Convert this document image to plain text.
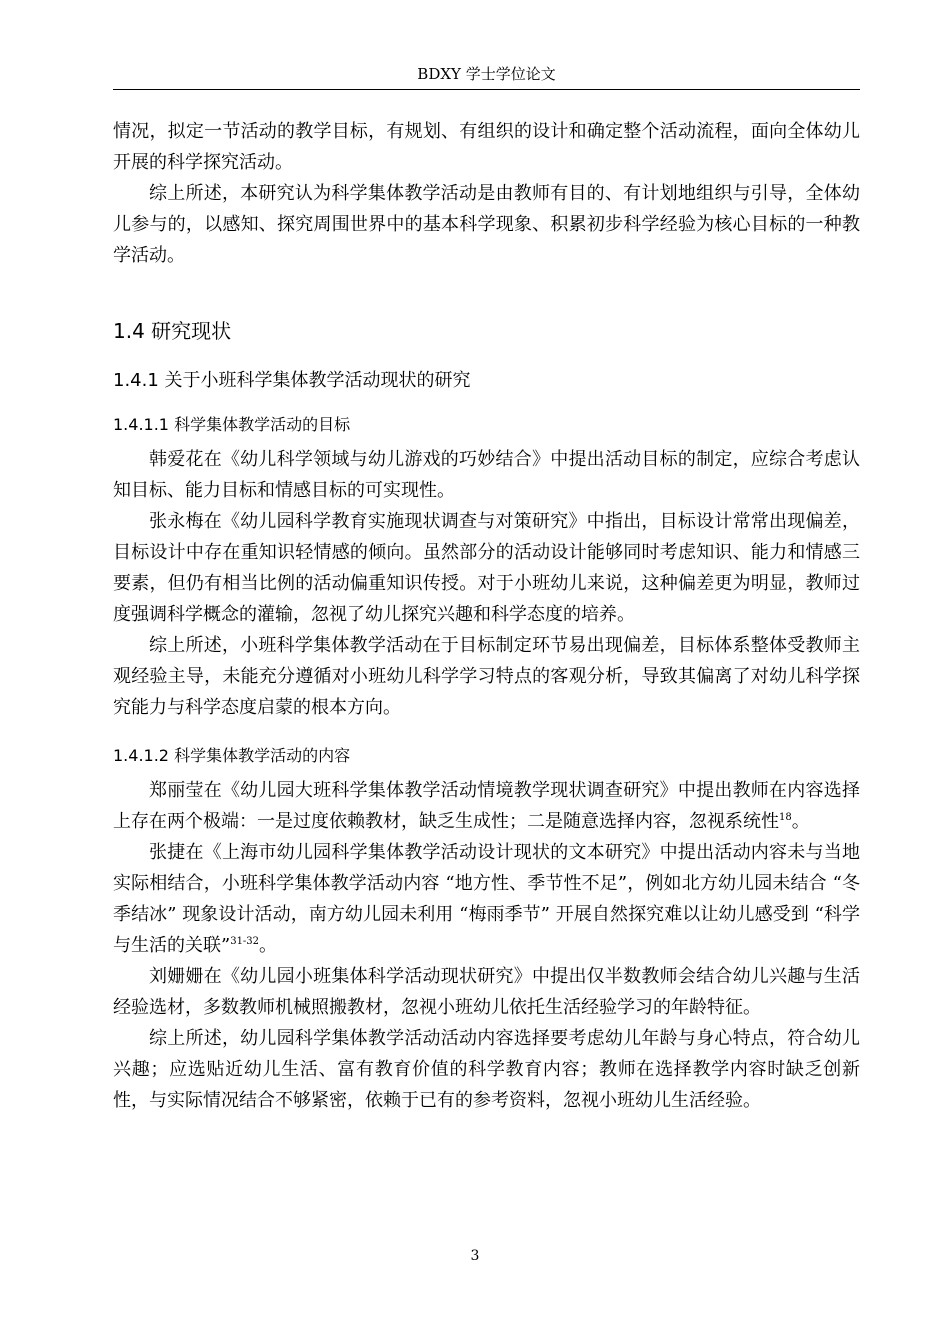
BDXY 学士学位论文

情况，拟定一节活动的教学目标，有规划、有组织的设计和确定整个活动流程，面向全体幼儿开展的科学探究活动。

综上所述，本研究认为科学集体教学活动是由教师有目的、有计划地组织与引导，全体幼儿参与的，以感知、探究周围世界中的基本科学现象、积累初步科学经验为核心目标的一种教学活动。

1.4 研究现状
1.4.1 关于小班科学集体教学活动现状的研究
1.4.1.1 科学集体教学活动的目标

韩爱花在《幼儿科学领域与幼儿游戏的巧妙结合》中提出活动目标的制定，应综合考虑认知目标、能力目标和情感目标的可实现性。

张永梅在《幼儿园科学教育实施现状调查与对策研究》中指出，目标设计常常出现偏差，目标设计中存在重知识轻情感的倾向。虽然部分的活动设计能够同时考虑知识、能力和情感三要素，但仍有相当比例的活动偏重知识传授。对于小班幼儿来说，这种偏差更为明显，教师过度强调科学概念的灌输，忽视了幼儿探究兴趣和科学态度的培养。

综上所述，小班科学集体教学活动在于目标制定环节易出现偏差，目标体系整体受教师主观经验主导，未能充分遵循对小班幼儿科学学习特点的客观分析，导致其偏离了对幼儿科学探究能力与科学态度启蒙的根本方向。

1.4.1.2 科学集体教学活动的内容

郑丽莹在《幼儿园大班科学集体教学活动情境教学现状调查研究》中提出教师在内容选择上存在两个极端：一是过度依赖教材，缺乏生成性；二是随意选择内容，忽视系统性$^{18}$。

张捷在《上海市幼儿园科学集体教学活动设计现状的文本研究》中提出活动内容未与当地实际相结合，小班科学集体教学活动内容 “地方性、季节性不足”，例如北方幼儿园未结合 “冬季结冰” 现象设计活动，南方幼儿园未利用 “梅雨季节” 开展自然探究难以让幼儿感受到 “科学与生活的关联”$^{31-32}$。

刘姗姗在《幼儿园小班集体科学活动现状研究》中提出仅半数教师会结合幼儿兴趣与生活经验选材，多数教师机械照搬教材，忽视小班幼儿依托生活经验学习的年龄特征。

综上所述，幼儿园科学集体教学活动活动内容选择要考虑幼儿年龄与身心特点，符合幼儿兴趣；应选贴近幼儿生活、富有教育价值的科学教育内容；教师在选择教学内容时缺乏创新性，与实际情况结合不够紧密，依赖于已有的参考资料，忽视小班幼儿生活经验。

3
